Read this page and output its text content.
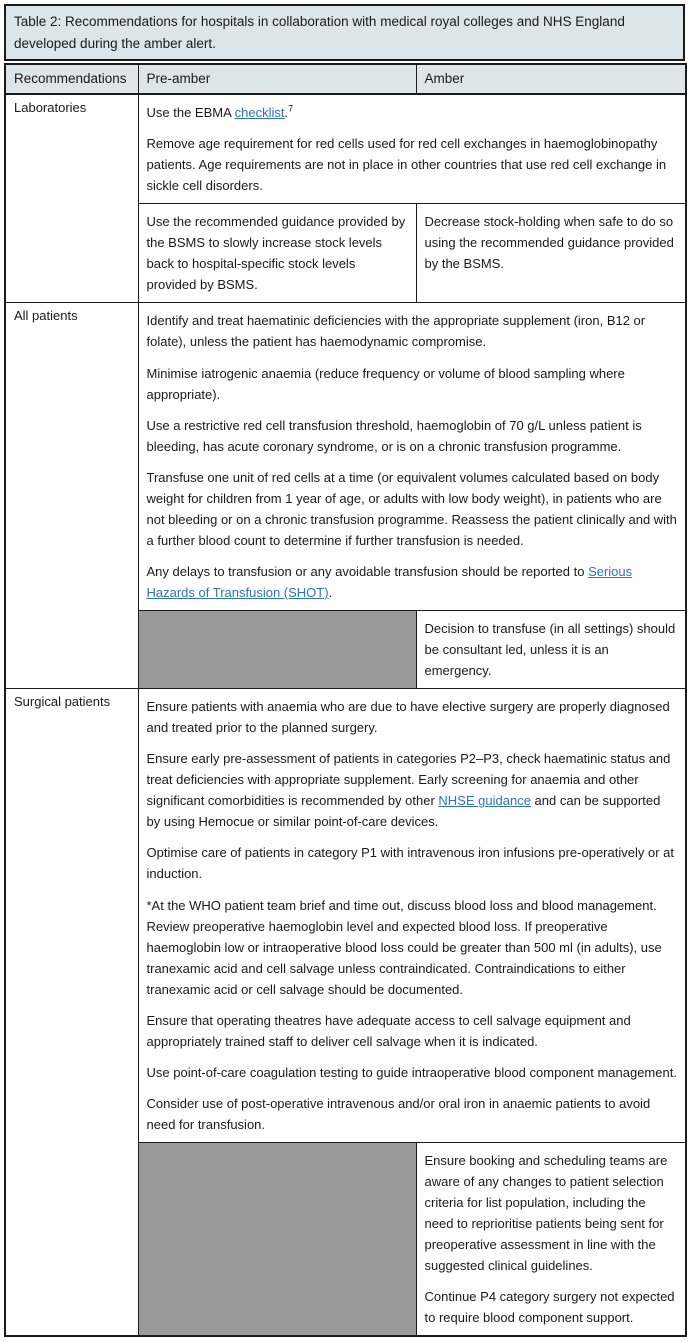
Table 2: Recommendations for hospitals in collaboration with medical royal colleges and NHS England developed during the amber alert.
Recommendations	Pre-amber	Amber
Laboratories	Use the EBMA checklist.$^7$

Remove age requirement for red cells used for red cell exchanges in haemoglobinopathy patients. Age requirements are not in place in other countries that use red cell exchange in sickle cell disorders.	

	Use the recommended guidance provided by the BSMS to slowly increase stock levels back to hospital-specific stock levels provided by BSMS.	Decrease stock-holding when safe to do so using the recommended guidance provided by the BSMS.

All patients	Identify and treat haematinic deficiencies with the appropriate supplement (iron, B12 or folate), unless the patient has haemodynamic compromise.

Minimise iatrogenic anaemia (reduce frequency or volume of blood sampling where appropriate).

Use a restrictive red cell transfusion threshold, haemoglobin of 70 g/L unless patient is bleeding, has acute coronary syndrome, or is on a chronic transfusion programme.

Transfuse one unit of red cells at a time (or equivalent volumes calculated based on body weight for children from 1 year of age, or adults with low body weight), in patients who are not bleeding or on a chronic transfusion programme. Reassess the patient clinically and with a further blood count to determine if further transfusion is needed.

Any delays to transfusion or any avoidable transfusion should be reported to Serious Hazards of Transfusion (SHOT).	

		Decision to transfuse (in all settings) should be consultant led, unless it is an emergency.

Surgical patients	Ensure patients with anaemia who are due to have elective surgery are properly diagnosed and treated prior to the planned surgery.

Ensure early pre-assessment of patients in categories P2–P3, check haematinic status and treat deficiencies with appropriate supplement. Early screening for anaemia and other significant comorbidities is recommended by other NHSE guidance and can be supported by using Hemocue or similar point-of-care devices.

Optimise care of patients in category P1 with intravenous iron infusions pre-operatively or at induction.

*At the WHO patient team brief and time out, discuss blood loss and blood management. Review preoperative haemoglobin level and expected blood loss. If preoperative haemoglobin low or intraoperative blood loss could be greater than 500 ml (in adults), use tranexamic acid and cell salvage unless contraindicated. Contraindications to either tranexamic acid or cell salvage should be documented.

Ensure that operating theatres have adequate access to cell salvage equipment and appropriately trained staff to deliver cell salvage when it is indicated.

Use point-of-care coagulation testing to guide intraoperative blood component management.

Consider use of post-operative intravenous and/or oral iron in anaemic patients to avoid need for transfusion.

		Ensure booking and scheduling teams are aware of any changes to patient selection criteria for list population, including the need to reprioritise patients being sent for preoperative assessment in line with the suggested clinical guidelines.

Continue P4 category surgery not expected to require blood component support.
